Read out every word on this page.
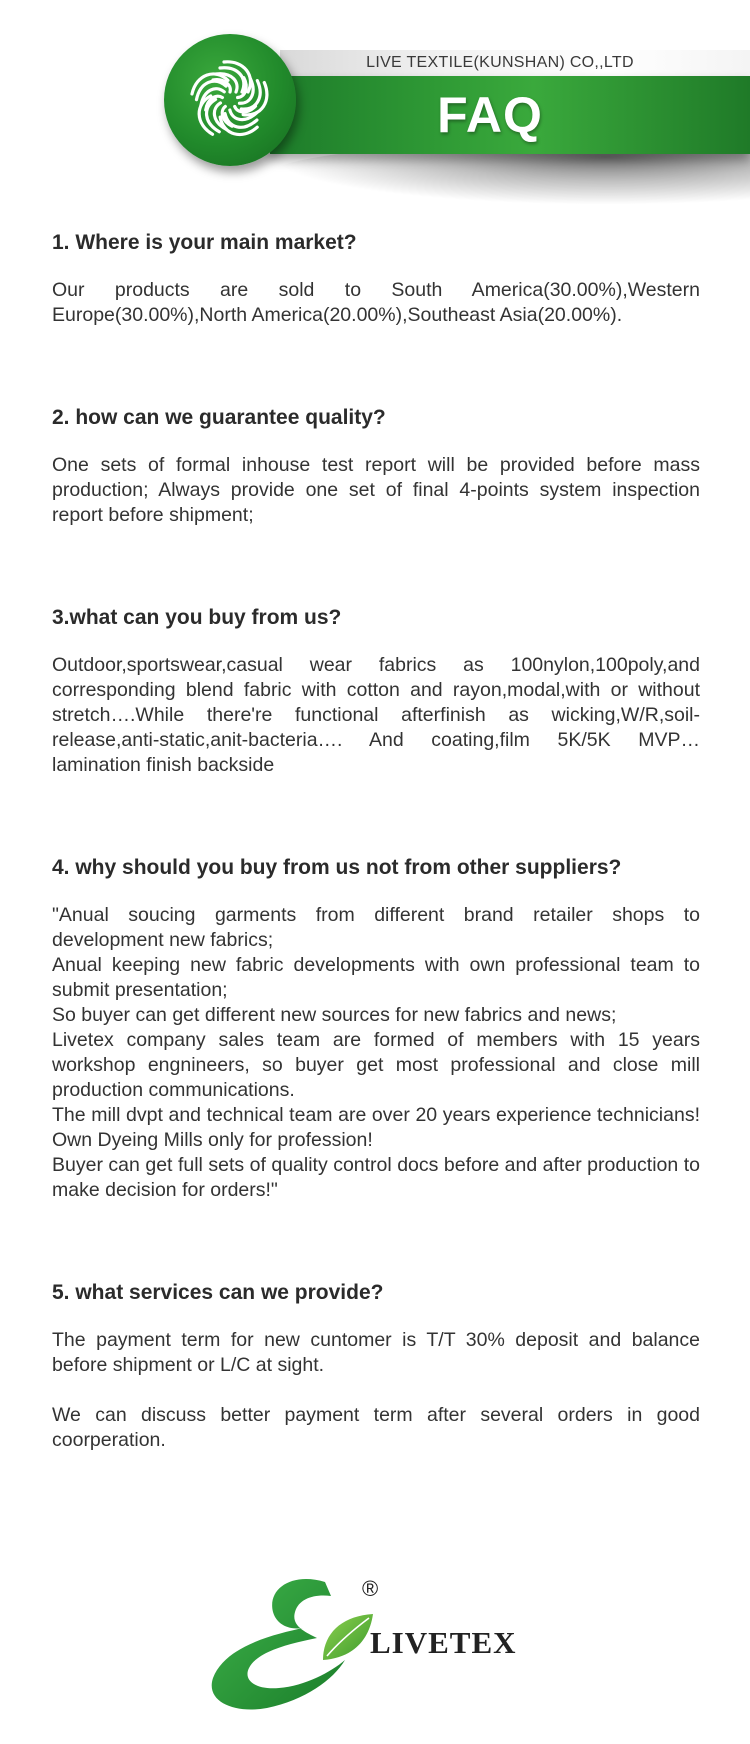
LIVE TEXTILE(KUNSHAN) CO,,LTD
FAQ
1. Where is your main market?

Our products are sold to South America(30.00%),Western Europe(30.00%),North America(20.00%),Southeast Asia(20.00%).

2. how can we guarantee quality?

One sets of formal inhouse test report will be provided before mass production; Always provide one set of final 4-points system inspection report before shipment;

3.what can you buy from us?

Outdoor,sportswear,casual wear fabrics as 100nylon,100poly,and corresponding blend fabric with cotton and rayon,modal,with or without stretch….While there're functional afterfinish as wicking,W/R,soil-release,anti-static,anit-bacteria…. And coating,film 5K/5K MVP… lamination finish backside

4. why should you buy from us not from other suppliers?
"Anual soucing garments from different brand retailer shops to development new fabrics;
Anual keeping new fabric developments with own professional team to submit presentation;
So buyer can get different new sources for new fabrics and news;
Livetex company sales team are formed of members with 15 years workshop engnineers, so buyer get most professional and close mill production communications.
The mill dvpt and technical team are over 20 years experience technicians! Own Dyeing Mills only for profession!
Buyer can get full sets of quality control docs before and after production to make decision for orders!"
5. what services can we provide?
The payment term for new cuntomer is T/T 30% deposit and balance before shipment or L/C at sight.
We can discuss better payment term after several orders in good coorperation.
®
LIVETEX
